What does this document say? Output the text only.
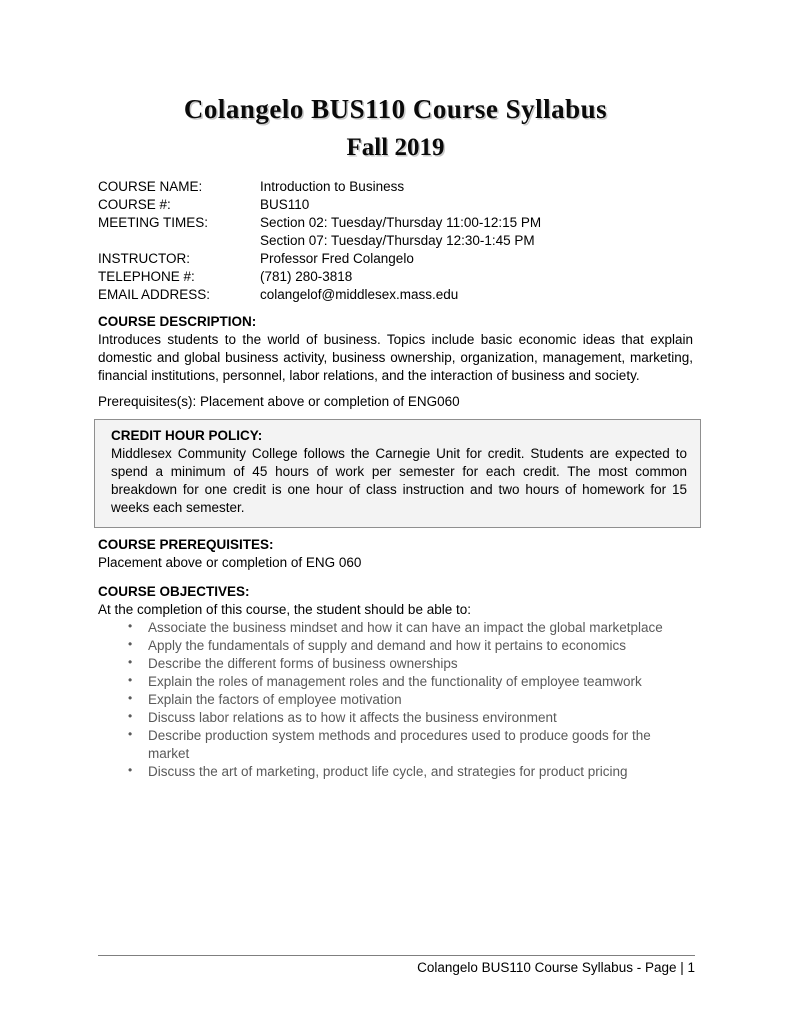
Colangelo BUS110 Course Syllabus
Fall 2019
COURSE NAME:	Introduction to Business
COURSE #:	BUS110
MEETING TIMES:	Section 02: Tuesday/Thursday 11:00-12:15 PM
Section 07: Tuesday/Thursday 12:30-1:45 PM
INSTRUCTOR:	Professor Fred Colangelo
TELEPHONE #:	(781) 280-3818
EMAIL ADDRESS:	colangelof@middlesex.mass.edu
COURSE DESCRIPTION:
Introduces students to the world of business. Topics include basic economic ideas that explain domestic and global business activity, business ownership, organization, management, marketing, financial institutions, personnel, labor relations, and the interaction of business and society.
Prerequisites(s): Placement above or completion of ENG060
CREDIT HOUR POLICY:
Middlesex Community College follows the Carnegie Unit for credit. Students are expected to spend a minimum of 45 hours of work per semester for each credit. The most common breakdown for one credit is one hour of class instruction and two hours of homework for 15 weeks each semester.
COURSE PREREQUISITES:
Placement above or completion of ENG 060
COURSE OBJECTIVES:
At the completion of this course, the student should be able to:
• Associate the business mindset and how it can have an impact the global marketplace
• Apply the fundamentals of supply and demand and how it pertains to economics
• Describe the different forms of business ownerships
• Explain the roles of management roles and the functionality of employee teamwork
• Explain the factors of employee motivation
• Discuss labor relations as to how it affects the business environment
• Describe production system methods and procedures used to produce goods for the market
• Discuss the art of marketing, product life cycle, and strategies for product pricing
Colangelo BUS110 Course Syllabus - Page | 1
